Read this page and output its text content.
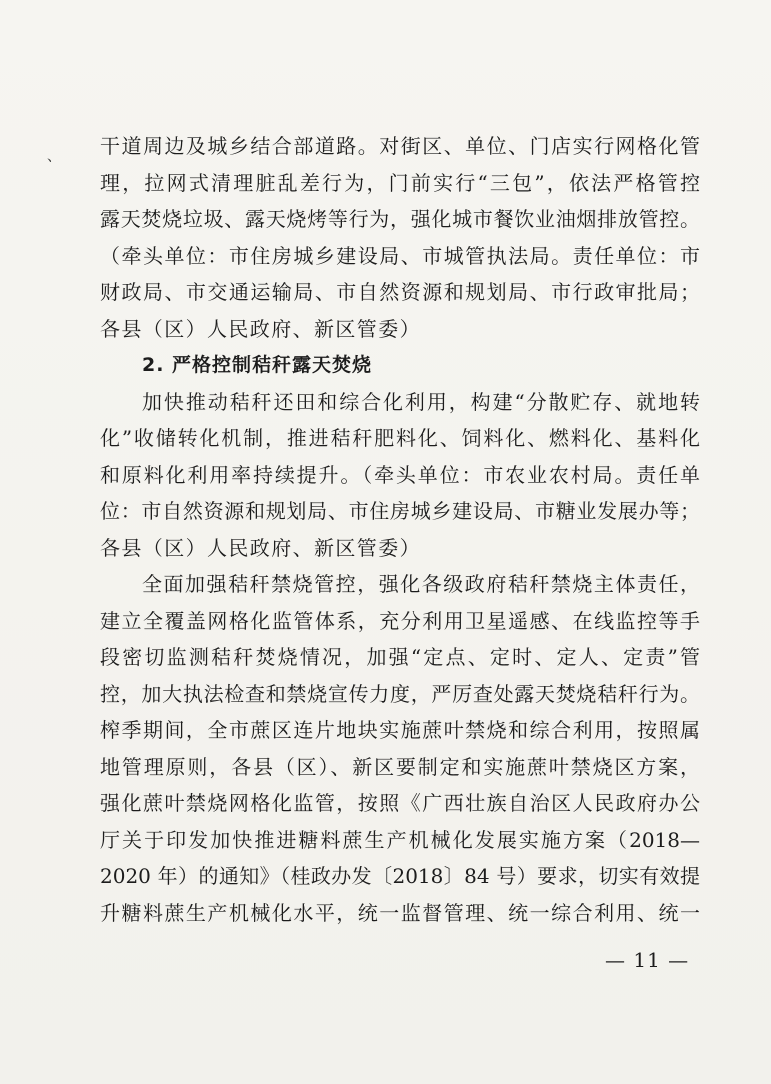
、 干道周边及城乡结合部道路。对街区、单位、门店实行网格化管
理，拉网式清理脏乱差行为，门前实行“三包”，依法严格管控
露天焚烧垃圾、露天烧烤等行为，强化城市餐饮业油烟排放管控。
（牵头单位：市住房城乡建设局、市城管执法局。责任单位：市
财政局、市交通运输局、市自然资源和规划局、市行政审批局；
各县（区）人民政府、新区管委）
2. 严格控制秸秆露天焚烧
加快推动秸秆还田和综合化利用，构建“分散贮存、就地转
化”收储转化机制，推进秸秆肥料化、饲料化、燃料化、基料化
和原料化利用率持续提升。（牵头单位：市农业农村局。责任单
位：市自然资源和规划局、市住房城乡建设局、市糖业发展办等；
各县（区）人民政府、新区管委）
全面加强秸秆禁烧管控，强化各级政府秸秆禁烧主体责任，
建立全覆盖网格化监管体系，充分利用卫星遥感、在线监控等手
段密切监测秸秆焚烧情况，加强“定点、定时、定人、定责”管
控，加大执法检查和禁烧宣传力度，严厉查处露天焚烧秸秆行为。
榨季期间，全市蔗区连片地块实施蔗叶禁烧和综合利用，按照属
地管理原则，各县（区）、新区要制定和实施蔗叶禁烧区方案，
强化蔗叶禁烧网格化监管，按照《广西壮族自治区人民政府办公
厅关于印发加快推进糖料蔗生产机械化发展实施方案（2018—
2020 年）的通知》（桂政办发〔2018〕84 号）要求，切实有效提
升糖料蔗生产机械化水平，统一监督管理、统一综合利用、统一
— 11 —
